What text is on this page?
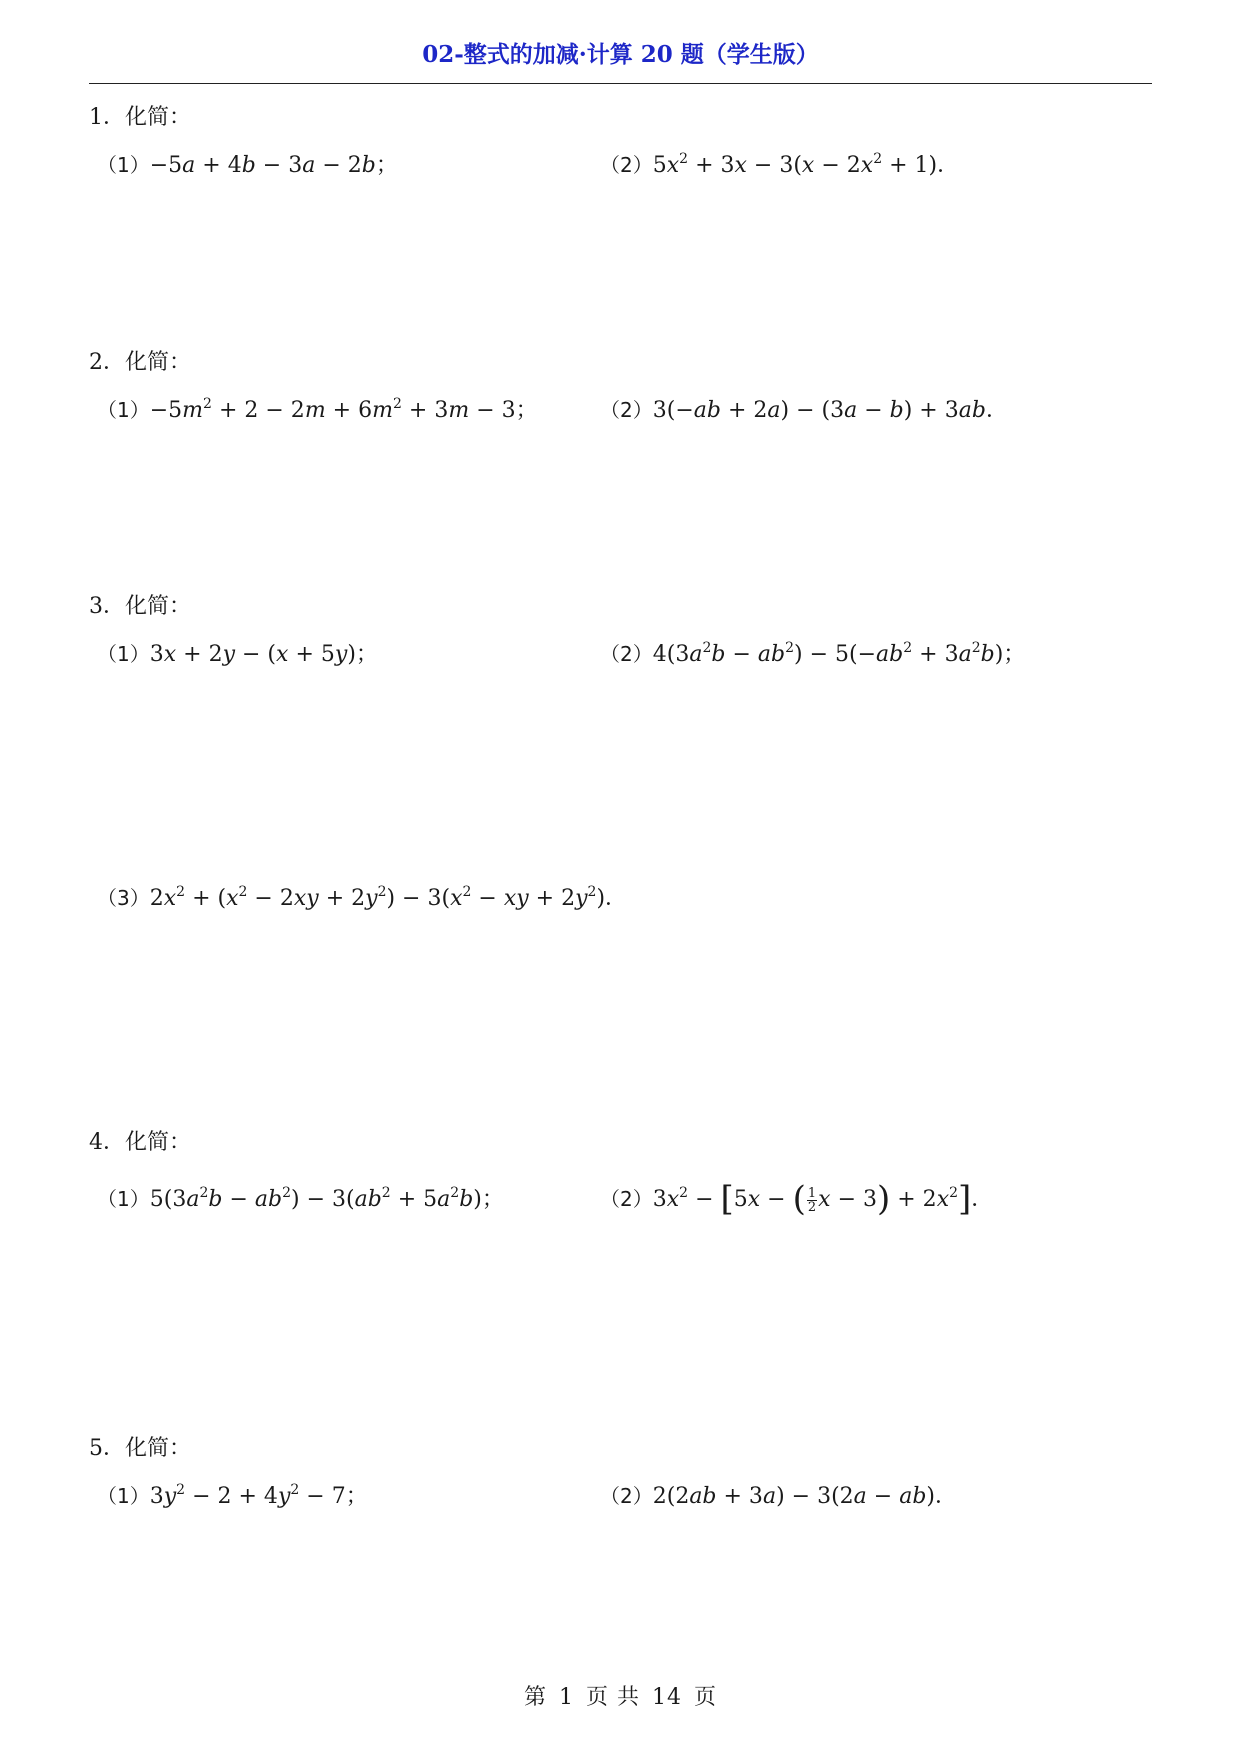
02-整式的加减·计算 20 题（学生版）
1．化简：
（1）−5a + 4b − 3a − 2b；	$(2)5x^2 + 3x - 3(x - 2x^2 + 1)$．
2．化简：
$(1)-5m^2 + 2 - 2m + 6m^2 + 3m - 3$；	（2）3(−ab + 2a) − (3a − b) + 3ab．
3．化简：
（1）3x + 2y − (x + 5y)；	$(2)4(3a^2b - ab^2) - 5(-ab^2 + 3a^2b)$；
$(3)2x^2 + (x^2 - 2xy + 2y^2) - 3(x^2$ − xy + $2y^2$)．
4．化简：
$(1)5(3a^2b - ab^2) - 3(ab^2 + 5a^2b)$；	$(2)3x^2 - [5x$ − ( $\frac{1}{2}$ $x - 3) + 2x^2$]．
5．化简：
$(1)3y^2 - 2 + 4y^2 - 7$；	（2）2(2ab + 3a) − 3(2a − ab)．
第 1 页 共 14 页
